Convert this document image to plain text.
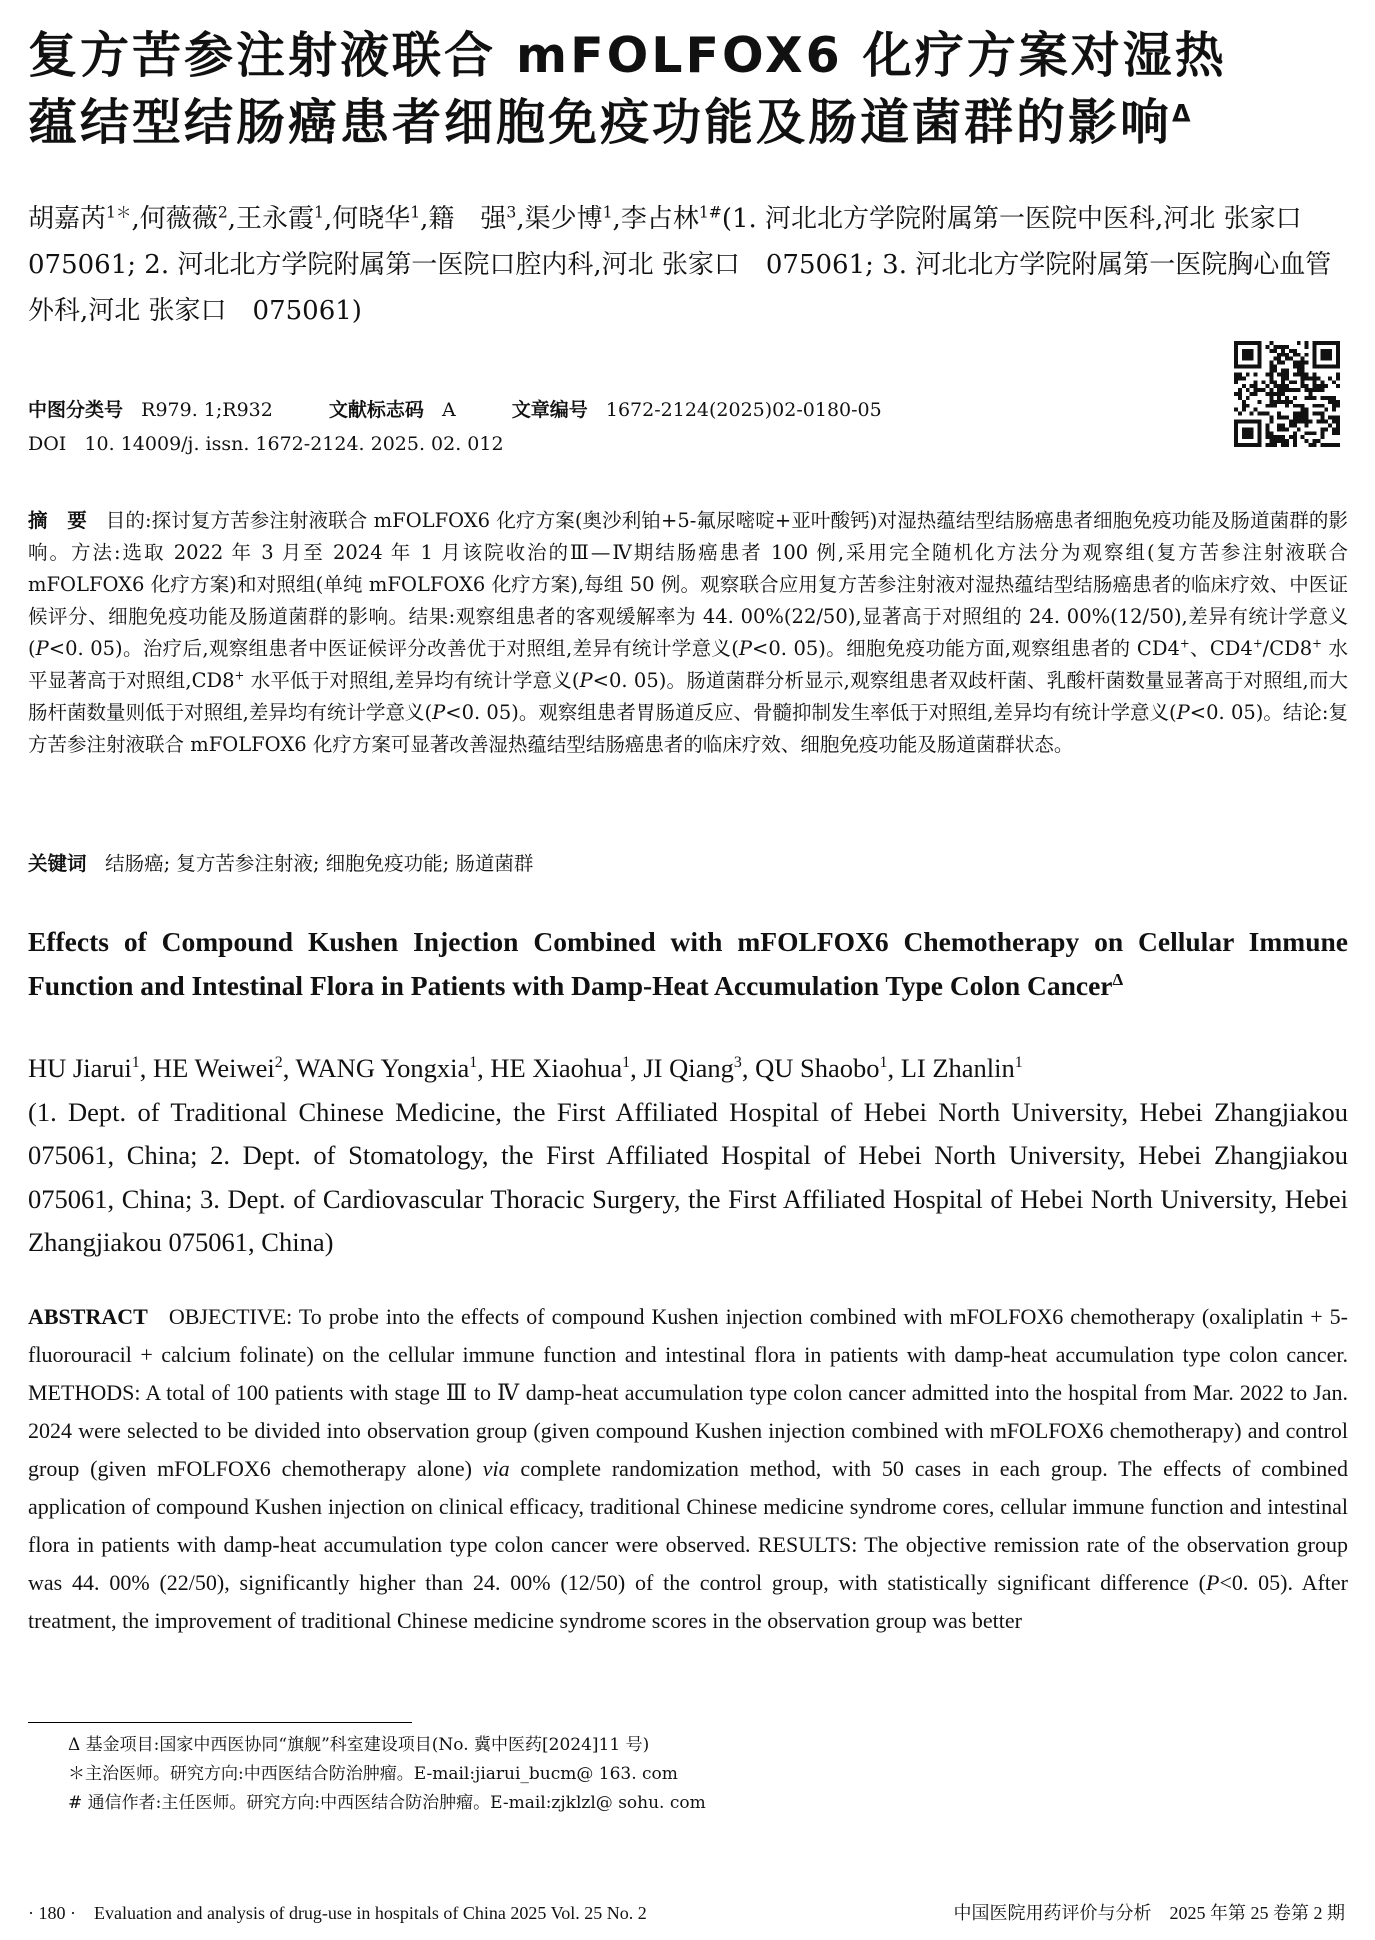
复方苦参注射液联合 mFOLFOX6 化疗方案对湿热
蕴结型结肠癌患者细胞免疫功能及肠道菌群的影响$^\Delta$
胡嘉芮$^{1*}$,何薇薇$^2$,王永霞$^1$,何晓华$^1$,籍　强$^3$,渠少博$^1$,李占林$^{1\#}$(1. 河北北方学院附属第一医院中医科,河北 张家口　075061; 2. 河北北方学院附属第一医院口腔内科,河北 张家口　075061; 3. 河北北方学院附属第一医院胸心血管外科,河北 张家口　075061)
中图分类号 R979. 1;R932	文献标志码 A	文章编号 1672-2124(2025)02-0180-05
DOI 10. 14009/j. issn. 1672-2124. 2025. 02. 012
摘　要 目的:探讨复方苦参注射液联合 mFOLFOX6 化疗方案(奥沙利铂+5-氟尿嘧啶+亚叶酸钙)对湿热蕴结型结肠癌患者细胞免疫功能及肠道菌群的影响。方法:选取 2022 年 3 月至 2024 年 1 月该院收治的Ⅲ—Ⅳ期结肠癌患者 100 例,采用完全随机化方法分为观察组(复方苦参注射液联合 mFOLFOX6 化疗方案)和对照组(单纯 mFOLFOX6 化疗方案),每组 50 例。观察联合应用复方苦参注射液对湿热蕴结型结肠癌患者的临床疗效、中医证候评分、细胞免疫功能及肠道菌群的影响。结果:观察组患者的客观缓解率为 44. 00%(22/50),显著高于对照组的 24. 00%(12/50),差异有统计学意义(P<0. 05)。治疗后,观察组患者中医证候评分改善优于对照组,差异有统计学意义(P<0. 05)。细胞免疫功能方面,观察组患者的 CD4+、CD4+/CD8+ 水平显著高于对照组,CD8+ 水平低于对照组,差异均有统计学意义(P<0. 05)。肠道菌群分析显示,观察组患者双歧杆菌、乳酸杆菌数量显著高于对照组,而大肠杆菌数量则低于对照组,差异均有统计学意义(P<0. 05)。观察组患者胃肠道反应、骨髓抑制发生率低于对照组,差异均有统计学意义(P<0. 05)。结论:复方苦参注射液联合 mFOLFOX6 化疗方案可显著改善湿热蕴结型结肠癌患者的临床疗效、细胞免疫功能及肠道菌群状态。
关键词 结肠癌; 复方苦参注射液; 细胞免疫功能; 肠道菌群
Effects of Compound Kushen Injection Combined with mFOLFOX6 Chemotherapy on Cellular Immune Function and Intestinal Flora in Patients with Damp-Heat Accumulation Type Colon Cancer$^\Delta$
HU Jiarui$^1$, HE Weiwei$^2$, WANG Yongxia$^1$, HE Xiaohua$^1$, JI Qiang$^3$, QU Shaobo$^1$, LI Zhanlin$^1$
(1. Dept. of Traditional Chinese Medicine, the First Affiliated Hospital of Hebei North University, Hebei Zhangjiakou 075061, China; 2. Dept. of Stomatology, the First Affiliated Hospital of Hebei North University, Hebei Zhangjiakou 075061, China; 3. Dept. of Cardiovascular Thoracic Surgery, the First Affiliated Hospital of Hebei North University, Hebei Zhangjiakou 075061, China)
ABSTRACT OBJECTIVE: To probe into the effects of compound Kushen injection combined with mFOLFOX6 chemotherapy (oxaliplatin + 5-fluorouracil + calcium folinate) on the cellular immune function and intestinal flora in patients with damp-heat accumulation type colon cancer. METHODS: A total of 100 patients with stage Ⅲ to Ⅳ damp-heat accumulation type colon cancer admitted into the hospital from Mar. 2022 to Jan. 2024 were selected to be divided into observation group (given compound Kushen injection combined with mFOLFOX6 chemotherapy) and control group (given mFOLFOX6 chemotherapy alone) via complete randomization method, with 50 cases in each group. The effects of combined application of compound Kushen injection on clinical efficacy, traditional Chinese medicine syndrome cores, cellular immune function and intestinal flora in patients with damp-heat accumulation type colon cancer were observed. RESULTS: The objective remission rate of the observation group was 44. 00% (22/50), significantly higher than 24. 00% (12/50) of the control group, with statistically significant difference (P<0. 05). After treatment, the improvement of traditional Chinese medicine syndrome scores in the observation group was better
Δ 基金项目:国家中西医协同“旗舰”科室建设项目(No. 冀中医药[2024]11 号)
＊主治医师。研究方向:中西医结合防治肿瘤。E-mail:jiarui_bucm@ 163. com
# 通信作者:主任医师。研究方向:中西医结合防治肿瘤。E-mail:zjklzl@ sohu. com
· 180 ·　Evaluation and analysis of drug-use in hospitals of China 2025 Vol. 25 No. 2	中国医院用药评价与分析　2025 年第 25 卷第 2 期
